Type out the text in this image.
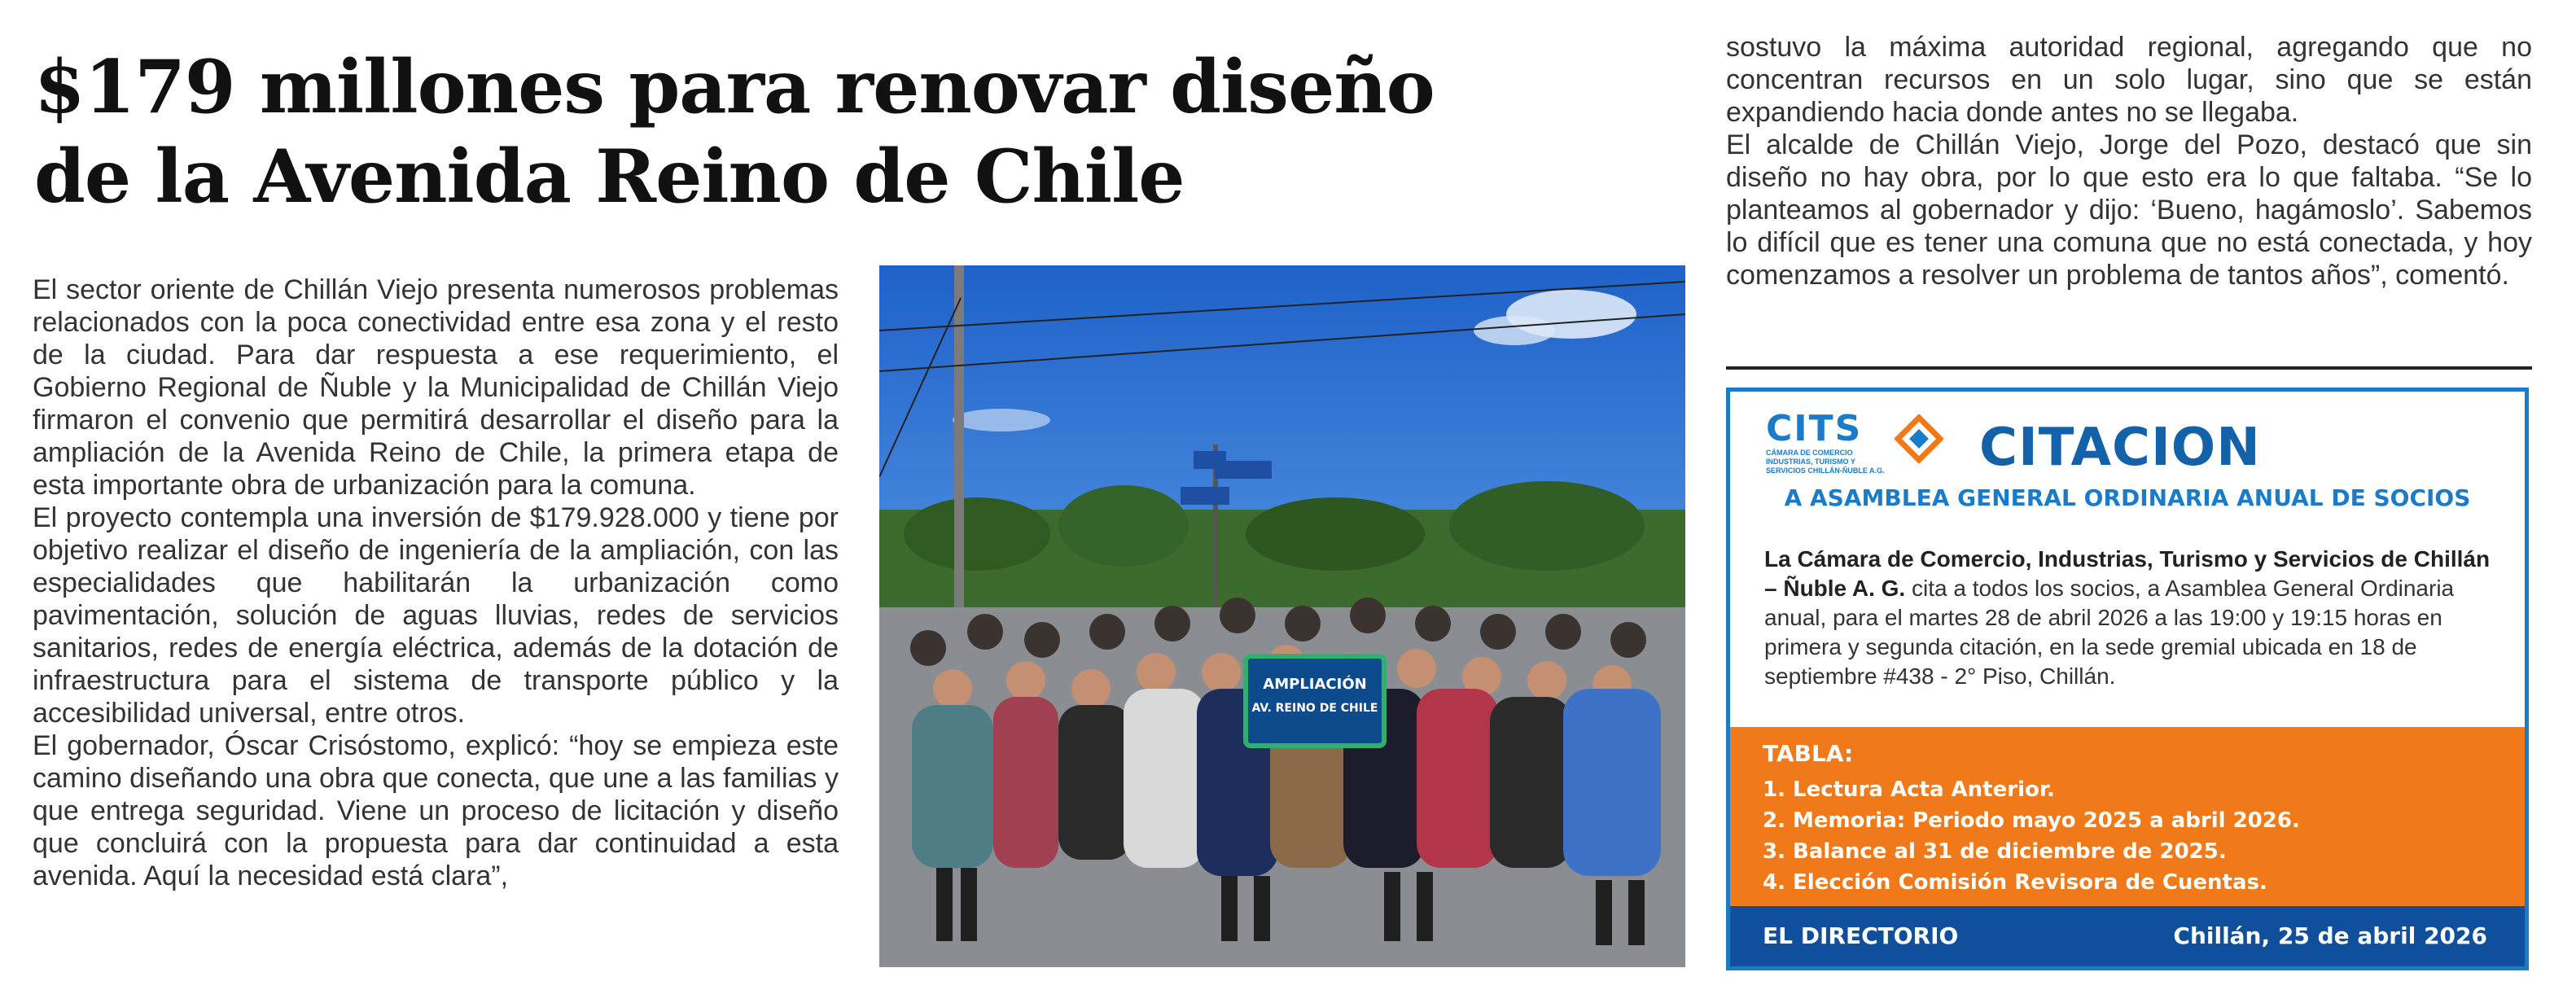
$179 millones para renovar diseño
de la Avenida Reino de Chile

El sector oriente de Chillán Viejo presenta numerosos problemas relacionados con la poca conectividad entre esa zona y el resto de la ciudad. Para dar respuesta a ese requerimiento, el Gobierno Regional de Ñuble y la Municipalidad de Chillán Viejo firmaron el convenio que permitirá desarrollar el diseño para la ampliación de la Avenida Reino de Chile, la primera etapa de esta importante obra de urbanización para la comuna.

El proyecto contempla una inversión de $179.928.000 y tiene por objetivo realizar el diseño de ingeniería de la ampliación, con las especialidades que habilitarán la urbanización como pavimentación, solución de aguas lluvias, redes de servicios sanitarios, redes de energía eléctrica, además de la dotación de infraestructura para el sistema de transporte público y la accesibilidad universal, entre otros.

El gobernador, Óscar Crisóstomo, explicó: “hoy se empieza este camino diseñando una obra que conecta, que une a las familias y que entrega seguridad. Viene un proceso de licitación y diseño que concluirá con la propuesta para dar continuidad a esta avenida. Aquí la necesidad está clara”,

AMPLIACIÓN
AV. REINO DE CHILE

sostuvo la máxima autoridad regional, agregando que no concentran recursos en un solo lugar, sino que se están expandiendo hacia donde antes no se llegaba.

El alcalde de Chillán Viejo, Jorge del Pozo, destacó que sin diseño no hay obra, por lo que esto era lo que faltaba. “Se lo planteamos al gobernador y dijo: ‘Bueno, hagámoslo’. Sabemos lo difícil que es tener una comuna que no está conectada, y hoy comenzamos a resolver un problema de tantos años”, comentó.

CITS
CÁMARA DE COMERCIO INDUSTRIAS, TURISMO Y SERVICIOS CHILLÁN-ÑUBLE A.G. CITACION
A ASAMBLEA GENERAL ORDINARIA ANUAL DE SOCIOS
La Cámara de Comercio, Industrias, Turismo y Servicios de Chillán – Ñuble A. G. cita a todos los socios, a Asamblea General Ordinaria anual, para el martes 28 de abril 2026 a las 19:00 y 19:15 horas en primera y segunda citación, en la sede gremial ubicada en 18 de septiembre #438 - 2° Piso, Chillán.
TABLA:
1. Lectura Acta Anterior.
2. Memoria: Periodo mayo 2025 a abril 2026.
3. Balance al 31 de diciembre de 2025.
4. Elección Comisión Revisora de Cuentas.
EL DIRECTORIO	Chillán, 25 de abril 2026
